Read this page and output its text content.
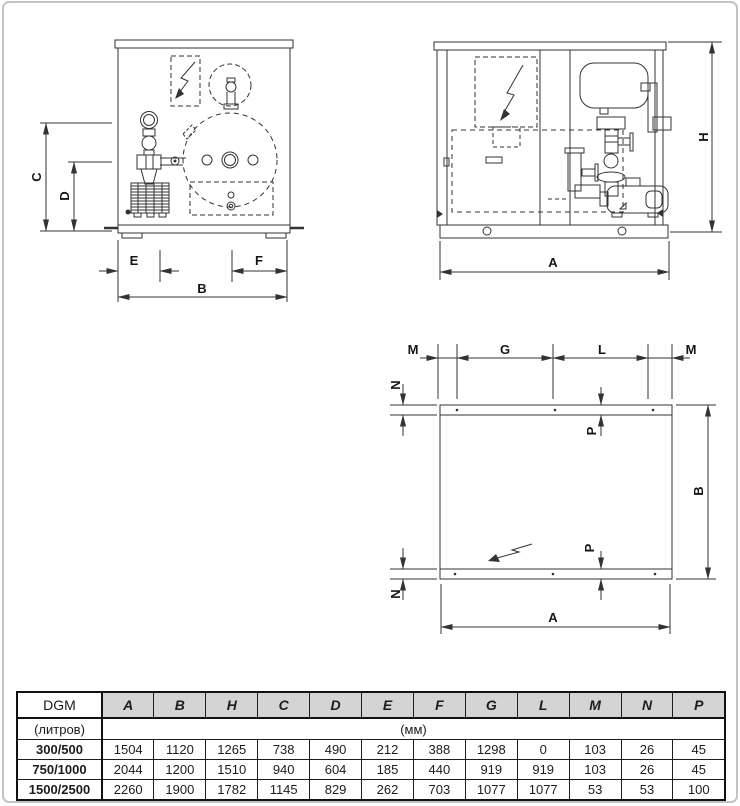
C
D
E	F
B
H
A
M	G	L	M
N
N
P
P
B
A
DGM	A	B	H	C	D	E	F	G	L	M	N	P
(литров)	(мм)											
300/500	1504	1120	1265	738	490	212	388	1298	0	103	26	45
750/1000	2044	1200	1510	940	604	185	440	919	919	103	26	45
1500/2500	2260	1900	1782	1145	829	262	703	1077	1077	53	53	100
